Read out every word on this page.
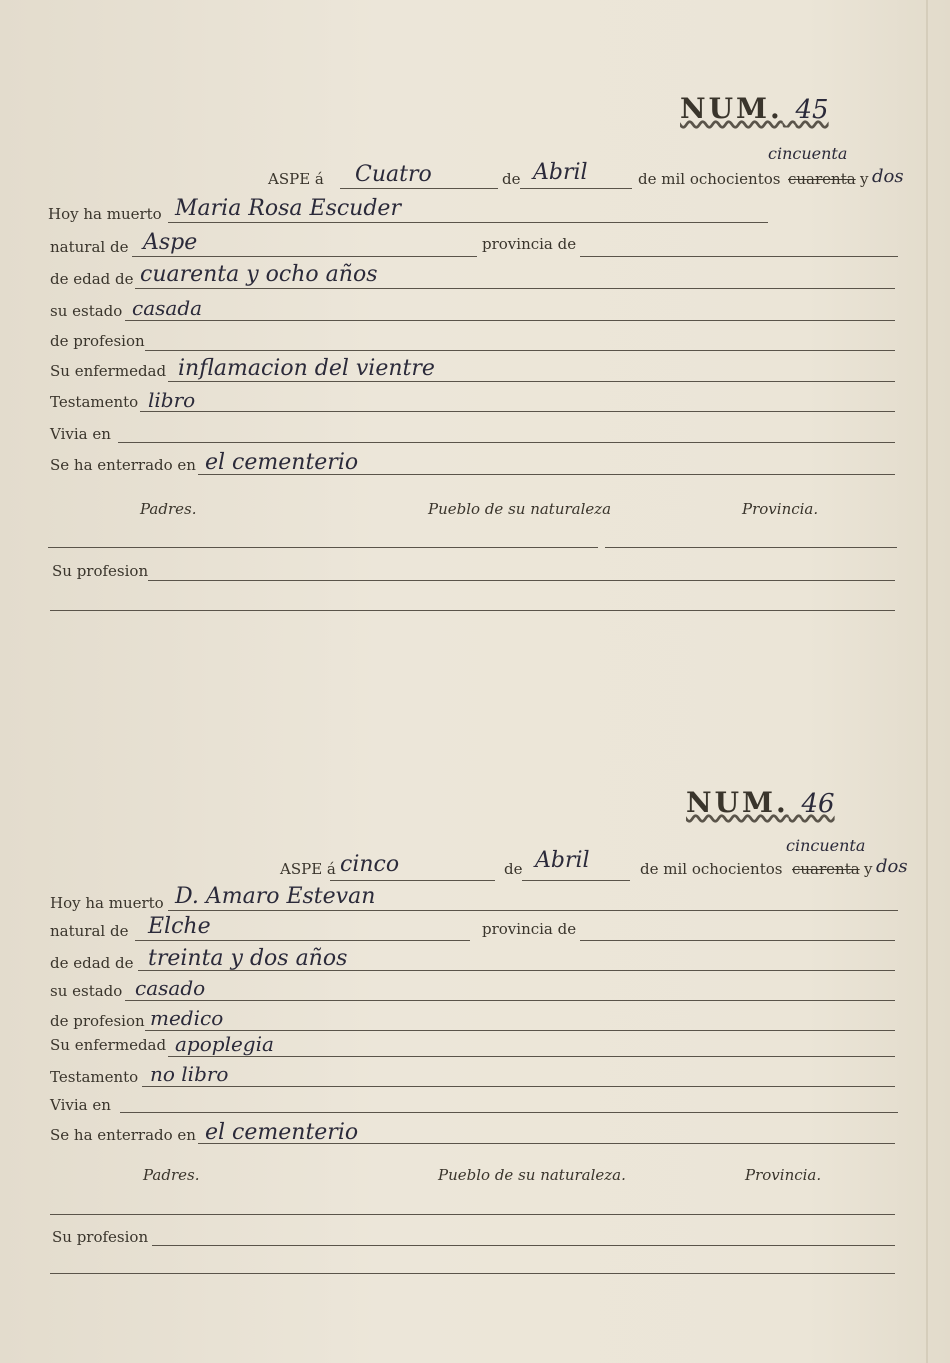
NUM. 45
ASPE á Cuatro	de Abril	de mil ochocientos cuarenta
cincuenta
y dos
Hoy ha muerto Maria Rosa Escuder
natural de Aspe	provincia de
de edad de cuarenta y ocho años
su estado casada
de profesion
Su enfermedad inflamacion del vientre
Testamento libro
Vivia en
Se ha enterrado en el cementerio
Padres.	Pueblo de su naturaleza	Provincia.
Su profesion
NUM. 46
ASPE á cinco	de Abril	de mil ochocientos cuarenta
cincuenta
y dos
Hoy ha muerto D. Amaro Estevan
natural de Elche	provincia de
de edad de treinta y dos años
su estado casado
de profesion medico
Su enfermedad apoplegia
Testamento no libro
Vivia en
Se ha enterrado en el cementerio
Padres.	Pueblo de su naturaleza.	Provincia.
Su profesion
